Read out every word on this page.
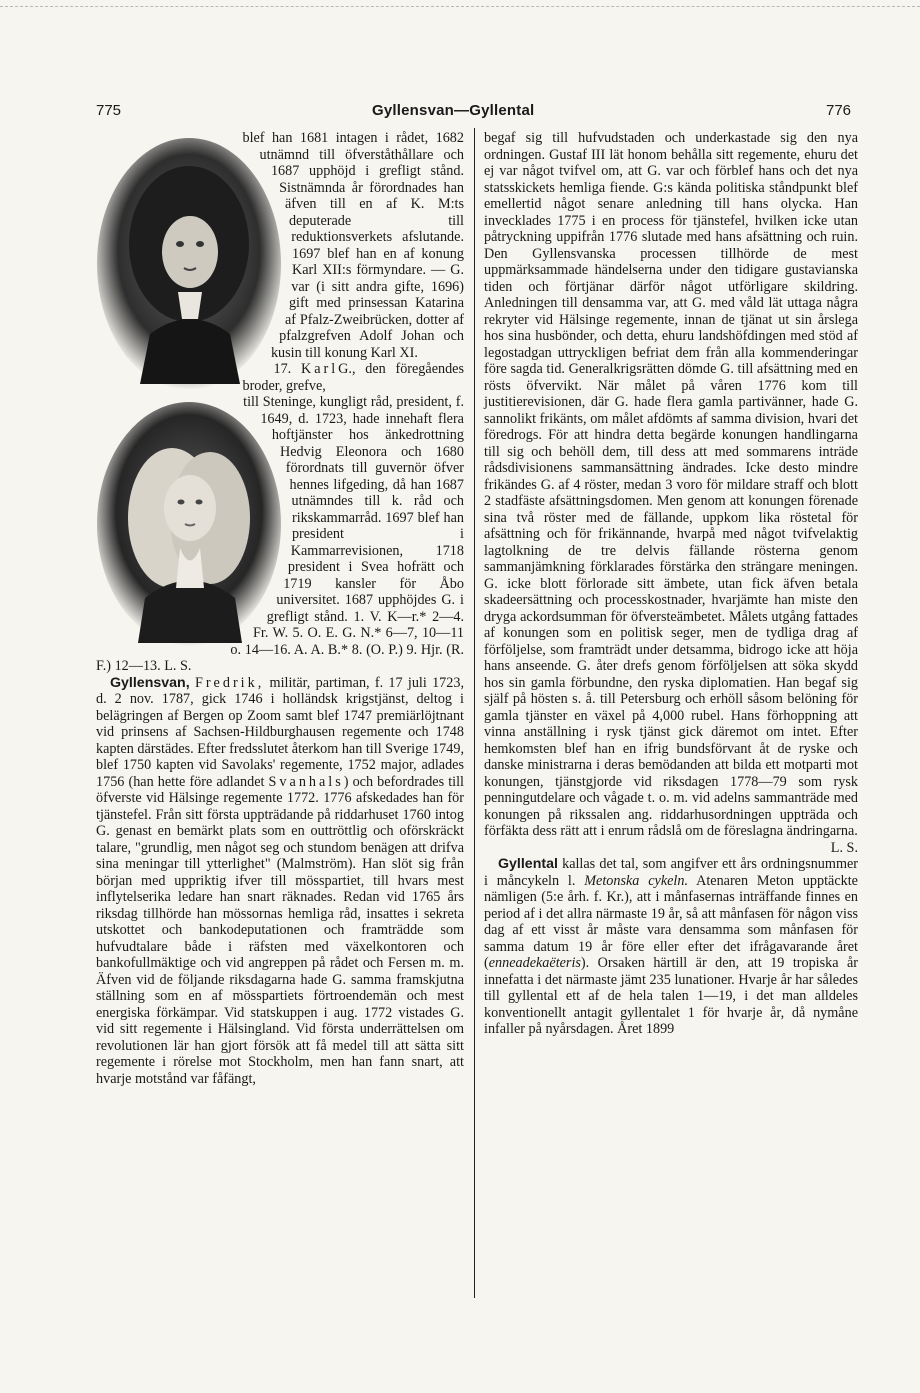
775	Gyllensvan—Gyllental	776

blef han 1681 intagen i rådet, 1682 utnämnd till öfverståthållare och 1687 upphöjd i grefligt stånd. Sistnämnda år förordnades han äfven till en af K. M:ts deputerade till reduktionsverkets afslutande. 1697 blef han en af konung Karl XII:s förmyndare. — G. var (i sitt andra gifte, 1696) gift med prinsessan Katarina af Pfalz-Zweibrücken, dotter af pfalzgrefven Adolf Johan och kusin till konung Karl XI.

17. KarlG., den föregåendes broder, grefve,

till Steninge, kungligt råd, president, f. 1649, d. 1723, hade innehaft flera hoftjänster hos änkedrottning Hedvig Eleonora och 1680 förordnats till guvernör öfver hennes lifgeding, då han 1687 utnämndes till k. råd och rikskammarråd. 1697 blef han president i Kammarrevisionen, 1718 president i Svea hofrätt och 1719 kansler för Åbo universitet. 1687 upphöjdes G. i grefligt stånd. 1. V. K—r.* 2—4. Fr. W. 5. O. E. G. N.* 6—7, 10—11 o. 14—16. A. A. B.* 8. (O. P.) 9. Hjr. (R. F.) 12—13. L. S.

Gyllensvan, Fredrik, militär, partiman, f. 17 juli 1723, d. 2 nov. 1787, gick 1746 i holländsk krigstjänst, deltog i belägringen af Bergen op Zoom samt blef 1747 premiärlöjtnant vid prinsens af Sachsen-Hildburghausen regemente och 1748 kapten därstädes. Efter fredsslutet återkom han till Sverige 1749, blef 1750 kapten vid Savolaks' regemente, 1752 major, adlades 1756 (han hette före adlandet Svanhals) och befordrades till öfverste vid Hälsinge regemente 1772. 1776 afskedades han för tjänstefel. Från sitt första uppträdande på riddarhuset 1760 intog G. genast en bemärkt plats som en outtröttlig och oförskräckt talare, "grundlig, men något seg och stundom benägen att drifva sina meningar till ytterlighet" (Malmström). Han slöt sig från början med uppriktig ifver till mösspartiet, till hvars mest inflytelserika ledare han snart räknades. Redan vid 1765 års riksdag tillhörde han mössornas hemliga råd, insattes i sekreta utskottet och bankodeputationen och framträdde som hufvudtalare både i räfsten med växelkontoren och bankofullmäktige och vid angreppen på rådet och Fersen m. m. Äfven vid de följande riksdagarna hade G. samma framskjutna ställning som en af mösspartiets förtroendemän och mest energiska förkämpar. Vid statskuppen i aug. 1772 vistades G. vid sitt regemente i Hälsingland. Vid första underrättelsen om revolutionen lär han gjort försök att få medel till att sätta sitt regemente i rörelse mot Stockholm, men han fann snart, att hvarje motstånd var fåfängt,

begaf sig till hufvudstaden och underkastade sig den nya ordningen. Gustaf III lät honom behålla sitt regemente, ehuru det ej var något tvifvel om, att G. var och förblef hans och det nya statsskickets hemliga fiende. G:s kända politiska ståndpunkt blef emellertid något senare anledning till hans olycka. Han invecklades 1775 i en process för tjänstefel, hvilken icke utan påtryckning uppifrån 1776 slutade med hans afsättning och ruin. Den Gyllensvanska processen tillhörde de mest uppmärksammade händelserna under den tidigare gustavianska tiden och förtjänar därför något utförligare skildring. Anledningen till densamma var, att G. med våld lät uttaga några rekryter vid Hälsinge regemente, innan de tjänat ut sin årslega hos sina husbönder, och detta, ehuru landshöfdingen med stöd af legostadgan uttryckligen befriat dem från alla kommenderingar före sagda tid. Generalkrigsrätten dömde G. till afsättning med en rösts öfvervikt. När målet på våren 1776 kom till justitierevisionen, där G. hade flera gamla partivänner, hade G. sannolikt frikänts, om målet afdömts af samma division, hvari det föredrogs. För att hindra detta begärde konungen handlingarna till sig och behöll dem, till dess att med sommarens inträde rådsdivisionens sammansättning ändrades. Icke desto mindre frikändes G. af 4 röster, medan 3 voro för mildare straff och blott 2 stadfäste afsättningsdomen. Men genom att konungen förenade sina två röster med de fällande, uppkom lika röstetal för afsättning och för frikännande, hvarpå med något tvifvelaktig lagtolkning de tre delvis fällande rösterna genom sammanjämkning förklarades förstärka den strängare meningen. G. icke blott förlorade sitt ämbete, utan fick äfven betala skadeersättning och processkostnader, hvarjämte han miste den dryga ackordsumman för öfversteämbetet. Målets utgång fattades af konungen som en politisk seger, men de tydliga drag af förföljelse, som framträdt under detsamma, bidrogo icke att höja hans anseende. G. åter drefs genom förföljelsen att söka skydd hos sin gamla förbundne, den ryska diplomatien. Han begaf sig själf på hösten s. å. till Petersburg och erhöll såsom belöning för gamla tjänster en växel på 4,000 rubel. Hans förhoppning att vinna anställning i rysk tjänst gick däremot om intet. Efter hemkomsten blef han en ifrig bundsförvant åt de ryske och danske ministrarna i deras bemödanden att bilda ett motparti mot konungen, tjänstgjorde vid riksdagen 1778—79 som rysk penningutdelare och vågade t. o. m. vid adelns sammanträde med konungen på rikssalen ang. riddarhusordningen uppträda och förfäkta dess rätt att i enrum rådslå om de föreslagna ändringarna.
L. S.

Gyllental kallas det tal, som angifver ett års ordningsnummer i måncykeln l. Metonska cykeln. Atenaren Meton upptäckte nämligen (5:e årh. f. Kr.), att i månfasernas inträffande finnes en period af i det allra närmaste 19 år, så att månfasen för någon viss dag af ett visst år måste vara densamma som månfasen för samma datum 19 år före eller efter det ifrågavarande året (enneadekaëteris). Orsaken härtill är den, att 19 tropiska år innefatta i det närmaste jämt 235 lunationer. Hvarje år har således till gyllental ett af de hela talen 1—19, i det man alldeles konventionellt antagit gyllentalet 1 för hvarje år, då nymåne infaller på nyårsdagen. Året 1899
